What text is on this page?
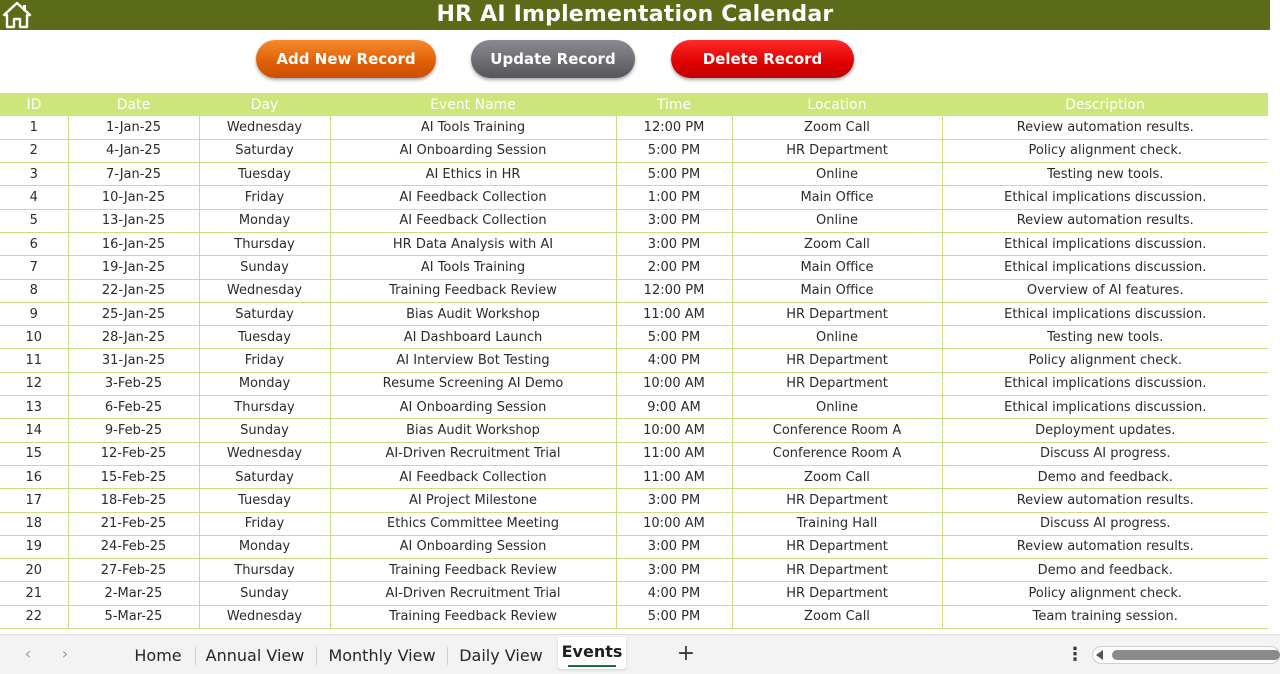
HR AI Implementation Calendar
Add New Record	Update Record	Delete Record
ID	Date	Day	Event Name	Time	Location	Description
1	1-Jan-25	Wednesday	AI Tools Training	12:00 PM	Zoom Call	Review automation results.
2	4-Jan-25	Saturday	AI Onboarding Session	5:00 PM	HR Department	Policy alignment check.
3	7-Jan-25	Tuesday	AI Ethics in HR	5:00 PM	Online	Testing new tools.
4	10-Jan-25	Friday	AI Feedback Collection	1:00 PM	Main Office	Ethical implications discussion.
5	13-Jan-25	Monday	AI Feedback Collection	3:00 PM	Online	Review automation results.
6	16-Jan-25	Thursday	HR Data Analysis with AI	3:00 PM	Zoom Call	Ethical implications discussion.
7	19-Jan-25	Sunday	AI Tools Training	2:00 PM	Main Office	Ethical implications discussion.
8	22-Jan-25	Wednesday	Training Feedback Review	12:00 PM	Main Office	Overview of AI features.
9	25-Jan-25	Saturday	Bias Audit Workshop	11:00 AM	HR Department	Ethical implications discussion.
10	28-Jan-25	Tuesday	AI Dashboard Launch	5:00 PM	Online	Testing new tools.
11	31-Jan-25	Friday	AI Interview Bot Testing	4:00 PM	HR Department	Policy alignment check.
12	3-Feb-25	Monday	Resume Screening AI Demo	10:00 AM	HR Department	Ethical implications discussion.
13	6-Feb-25	Thursday	AI Onboarding Session	9:00 AM	Online	Ethical implications discussion.
14	9-Feb-25	Sunday	Bias Audit Workshop	10:00 AM	Conference Room A	Deployment updates.
15	12-Feb-25	Wednesday	AI-Driven Recruitment Trial	11:00 AM	Conference Room A	Discuss AI progress.
16	15-Feb-25	Saturday	AI Feedback Collection	11:00 AM	Zoom Call	Demo and feedback.
17	18-Feb-25	Tuesday	AI Project Milestone	3:00 PM	HR Department	Review automation results.
18	21-Feb-25	Friday	Ethics Committee Meeting	10:00 AM	Training Hall	Discuss AI progress.
19	24-Feb-25	Monday	AI Onboarding Session	3:00 PM	HR Department	Review automation results.
20	27-Feb-25	Thursday	Training Feedback Review	3:00 PM	HR Department	Demo and feedback.
21	2-Mar-25	Sunday	AI-Driven Recruitment Trial	4:00 PM	HR Department	Policy alignment check.
22	5-Mar-25	Wednesday	Training Feedback Review	5:00 PM	Zoom Call	Team training session.
‹ ›	Home	Annual View Monthly View Daily View Events +	⋮
